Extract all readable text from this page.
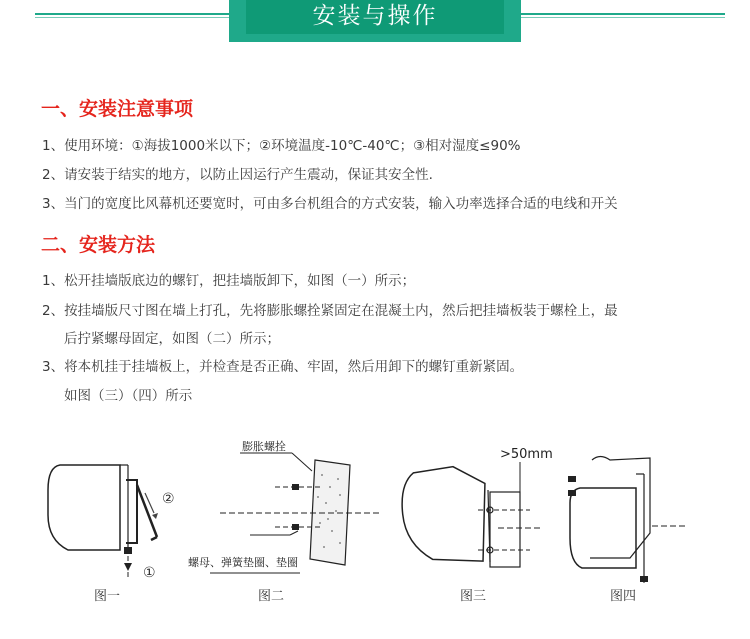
安装与操作
一、安装注意事项
1、使用环境：①海拔1000米以下；②环境温度-10℃-40℃；③相对湿度≤90%
2、请安装于结实的地方，以防止因运行产生震动，保证其安全性.
3、当门的宽度比风幕机还要宽时，可由多台机组合的方式安装，输入功率选择合适的电线和开关
二、安装方法
1、松开挂墙版底边的螺钉，把挂墙版卸下，如图（一）所示；
2、按挂墙版尺寸图在墙上打孔，先将膨胀螺拴紧固定在混凝土内，然后把挂墙板装于螺栓上，最
后拧紧螺母固定，如图（二）所示；
3、将本机挂于挂墙板上，并检查是否正确、牢固，然后用卸下的螺钉重新紧固。
如图（三）（四）所示
②
①
图一
膨胀螺拴
螺母、弹簧垫圈、垫圈
图二
>50mm
图三	图四
